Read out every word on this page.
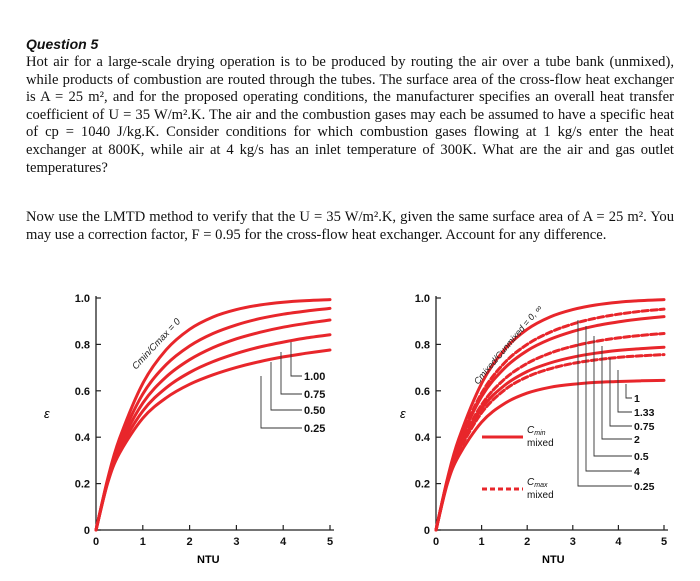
Question 5

Hot air for a large-scale drying operation is to be produced by routing the air over a tube bank (unmixed), while products of combustion are routed through the tubes. The surface area of the cross-flow heat exchanger is A = 25 m², and for the proposed operating conditions, the manufacturer specifies an overall heat transfer coefficient of U = 35 W/m².K. The air and the combustion gases may each be assumed to have a specific heat of cp = 1040 J/kg.K. Consider conditions for which combustion gases flowing at 1 kg/s enter the heat exchanger at 800K, while air at 4 kg/s has an inlet temperature of 300K. What are the air and gas outlet temperatures?

Now use the LMTD method to verify that the U = 35 W/m².K, given the same surface area of A = 25 m². You may use a correction factor, F = 0.95 for the cross-flow heat exchanger. Account for any difference.

0
0.2
0.4
0.6
0.8
1.0
0	1	2	3	4	5
ε
NTU
Cmin/Cmax = 0
1.00
0.75
0.50
0.25
0
0.2
0.4
0.6
0.8
1.0
0	1	2	3	4	5
ε
NTU
Cmixed/Cunmixed = 0, ∞
$C_{min}$
mixed
$C_{max}$
mixed
1
1.33
0.75
2
0.5
4
0.25
